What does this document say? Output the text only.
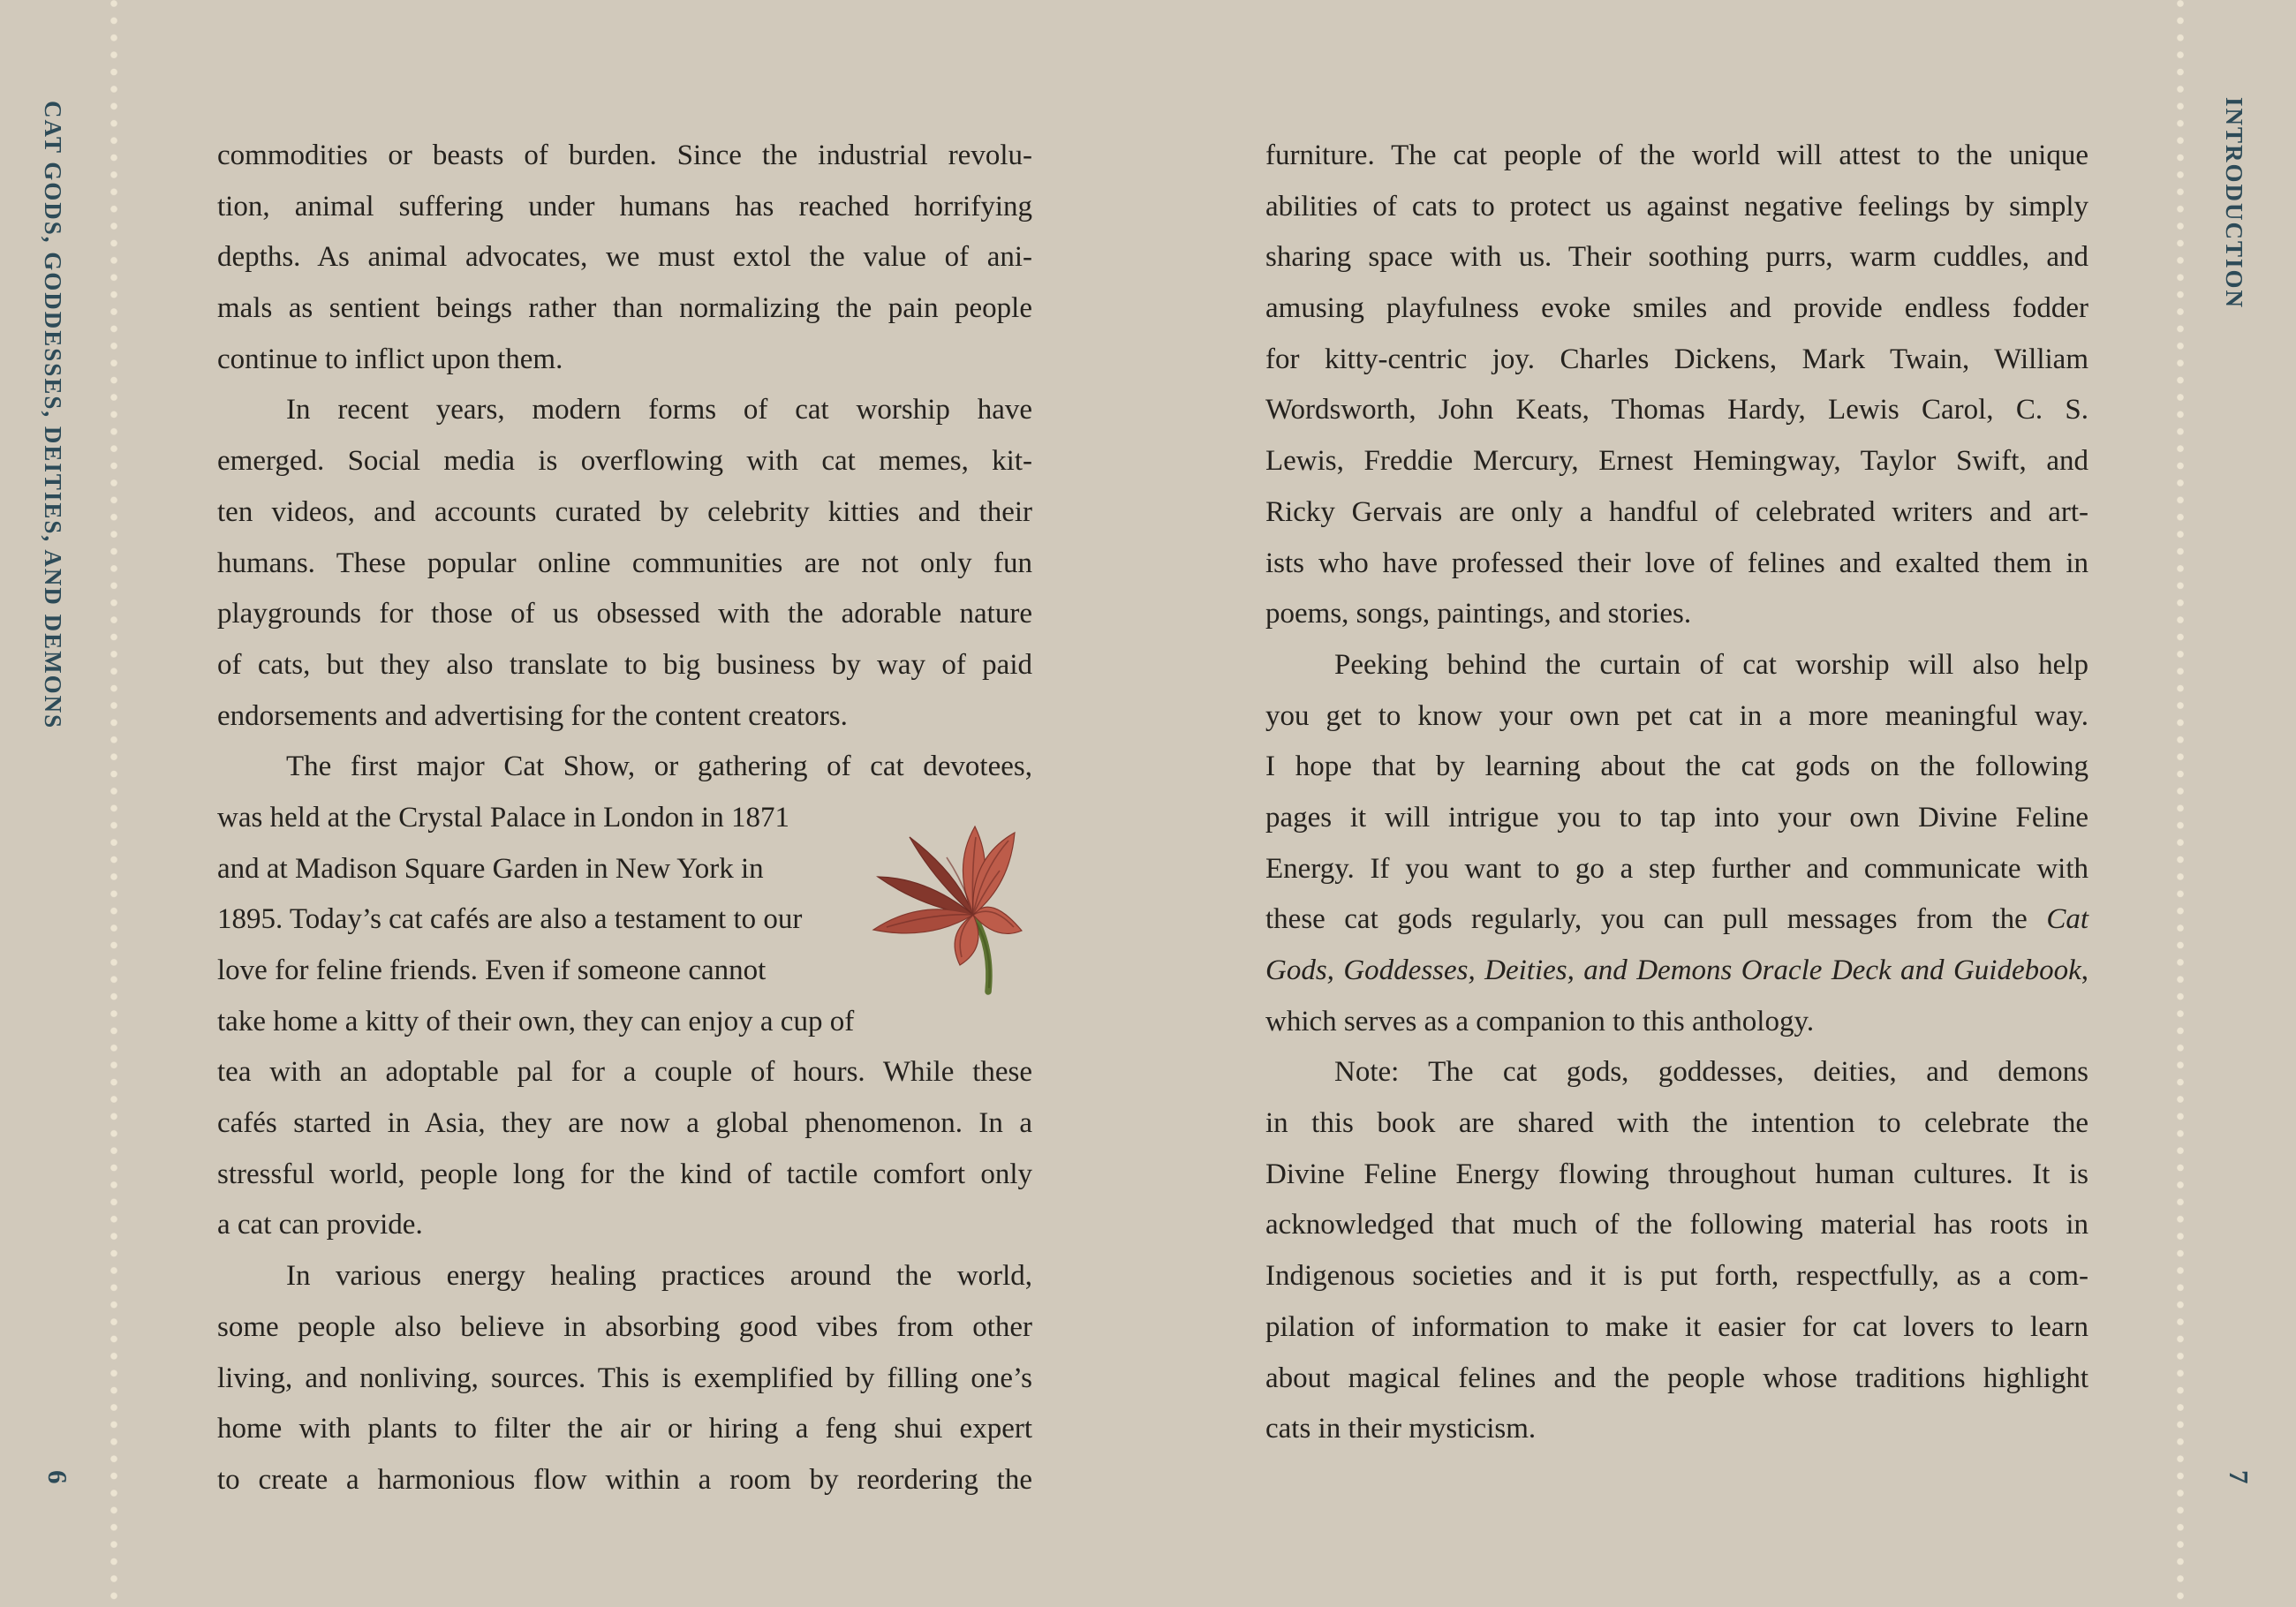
CAT GODS, GODDESSES, DEITIES, AND DEMONS	INTRODUCTION
6	7
commodities or beasts of burden. Since the industrial revolu-
tion, animal suffering under humans has reached horrifying
depths. As animal advocates, we must extol the value of ani-
mals as sentient beings rather than normalizing the pain people
continue to inflict upon them.
In recent years, modern forms of cat worship have
emerged. Social media is overflowing with cat memes, kit-
ten videos, and accounts curated by celebrity kitties and their
humans. These popular online communities are not only fun
playgrounds for those of us obsessed with the adorable nature
of cats, but they also translate to big business by way of paid
endorsements and advertising for the content creators.
The first major Cat Show, or gathering of cat devotees,
was held at the Crystal Palace in London in 1871
and at Madison Square Garden in New York in
1895. Today’s cat cafés are also a testament to our
love for feline friends. Even if someone cannot
take home a kitty of their own, they can enjoy a cup of
tea with an adoptable pal for a couple of hours. While these
cafés started in Asia, they are now a global phenomenon. In a
stressful world, people long for the kind of tactile comfort only
a cat can provide.
In various energy healing practices around the world,
some people also believe in absorbing good vibes from other
living, and nonliving, sources. This is exemplified by filling one’s
home with plants to filter the air or hiring a feng shui expert
to create a harmonious flow within a room by reordering the
furniture. The cat people of the world will attest to the unique
abilities of cats to protect us against negative feelings by simply
sharing space with us. Their soothing purrs, warm cuddles, and
amusing playfulness evoke smiles and provide endless fodder
for kitty-centric joy. Charles Dickens, Mark Twain, William
Wordsworth, John Keats, Thomas Hardy, Lewis Carol, C. S.
Lewis, Freddie Mercury, Ernest Hemingway, Taylor Swift, and
Ricky Gervais are only a handful of celebrated writers and art-
ists who have professed their love of felines and exalted them in
poems, songs, paintings, and stories.
Peeking behind the curtain of cat worship will also help
you get to know your own pet cat in a more meaningful way.
I hope that by learning about the cat gods on the following
pages it will intrigue you to tap into your own Divine Feline
Energy. If you want to go a step further and communicate with
these cat gods regularly, you can pull messages from the Cat
Gods, Goddesses, Deities, and Demons Oracle Deck and Guidebook,
which serves as a companion to this anthology.
Note: The cat gods, goddesses, deities, and demons
in this book are shared with the intention to celebrate the
Divine Feline Energy flowing throughout human cultures. It is
acknowledged that much of the following material has roots in
Indigenous societies and it is put forth, respectfully, as a com-
pilation of information to make it easier for cat lovers to learn
about magical felines and the people whose traditions highlight
cats in their mysticism.
